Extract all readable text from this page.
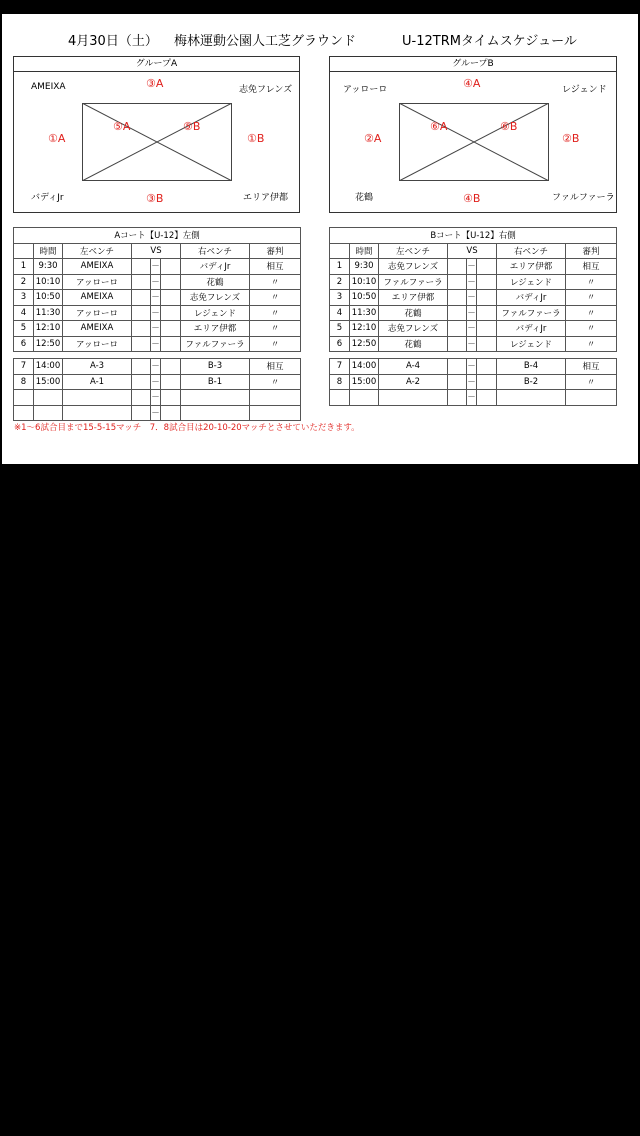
4月30日（土） 梅林運動公園人工芝グラウンド	U-12TRMタイムスケジュール
グループA
AMEIXA	志免フレンズ
バディJr	エリア伊都
③A
③B
①A	①B
⑤A	⑤B
グループB
アッローロ	レジェンド
花鶴	ファルファーラ
④A
④B
②A	②B
⑥A	⑥B
Aコート【U-12】左側							
	時間	左ベンチ	VS			右ベンチ	審判
1	9:30	AMEIXA		－		バディJr	相互
2	10:10	アッローロ		－		花鶴	〃
3	10:50	AMEIXA		－		志免フレンズ	〃
4	11:30	アッローロ		－		レジェンド	〃
5	12:10	AMEIXA		－		エリア伊都	〃
6	12:50	アッローロ		－		ファルファーラ	〃
7	14:00	A-3		－		B-3	相互
8	15:00	A-1		－		B-1	〃
				－			
				－			
Bコート【U-12】右側							
	時間	左ベンチ	VS			右ベンチ	審判
1	9:30	志免フレンズ		－		エリア伊都	相互
2	10:10	ファルファーラ		－		レジェンド	〃
3	10:50	エリア伊都		－		バディJr	〃
4	11:30	花鶴		－		ファルファーラ	〃
5	12:10	志免フレンズ		－		バディJr	〃
6	12:50	花鶴		－		レジェンド	〃
7	14:00	A-4		－		B-4	相互
8	15:00	A-2		－		B-2	〃
				－			
※1～6試合目まで15-5-15マッチ　7．8試合目は20-10-20マッチとさせていただきます。
